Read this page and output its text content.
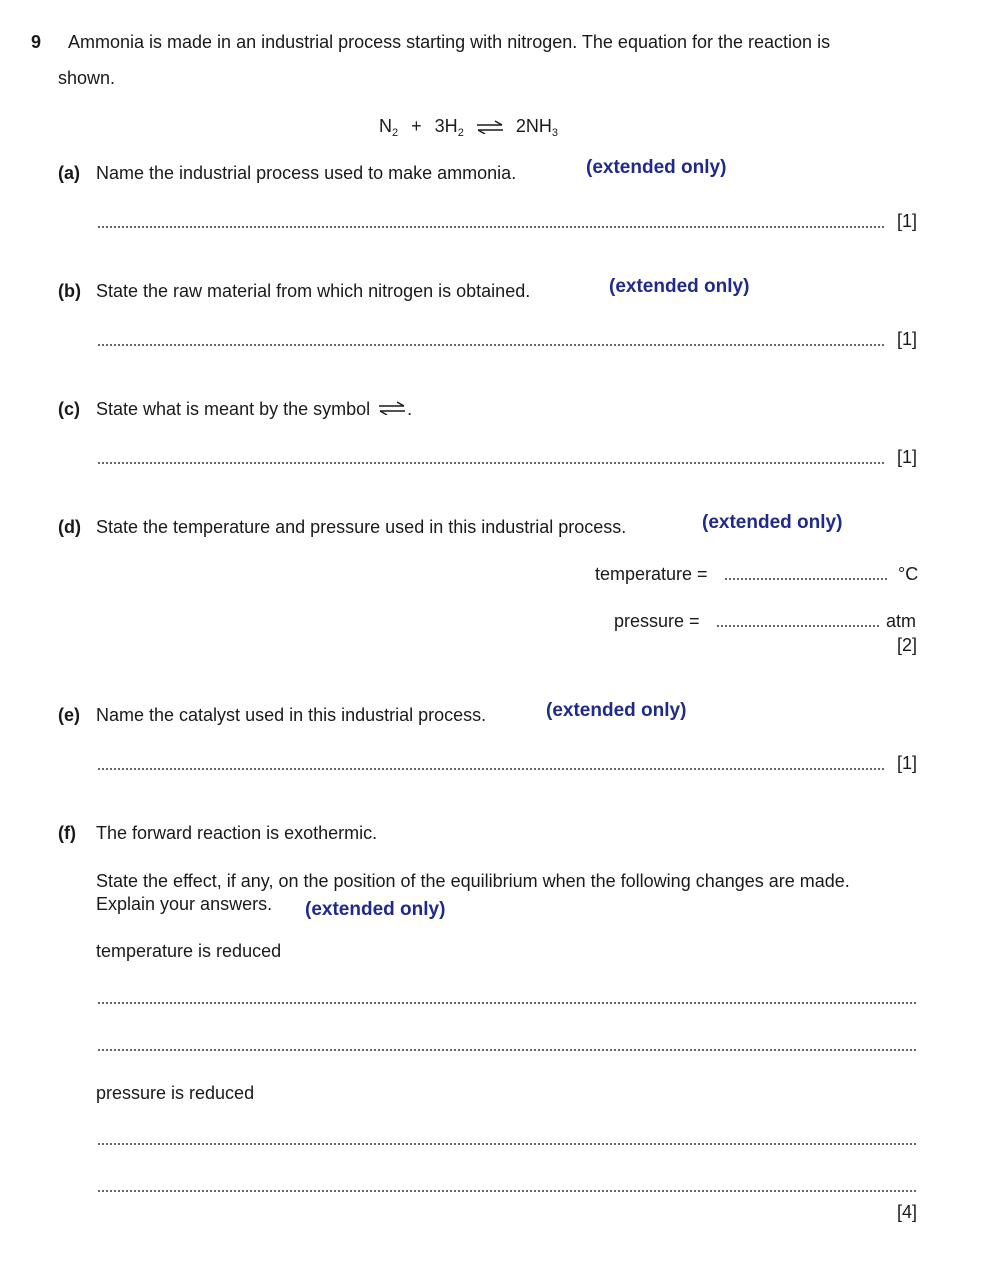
9 Ammonia is made in an industrial process starting with nitrogen. The equation for the reaction is
shown.
$N_2 + 3H_2$ ⇌ $2NH_3$
(a) Name the industrial process used to make ammonia.	(extended only)
[1]
(b) State the raw material from which nitrogen is obtained.	(extended only)
[1]
(c) State what is meant by the symbol .
[1]
(d) State the temperature and pressure used in this industrial process.	(extended only)
temperature =	°C
pressure =	atm
[2]
(e) Name the catalyst used in this industrial process.	(extended only)
[1]
(f) The forward reaction is exothermic.
State the effect, if any, on the position of the equilibrium when the following changes are made.
Explain your answers. (extended only)
temperature is reduced
pressure is reduced
[4]
